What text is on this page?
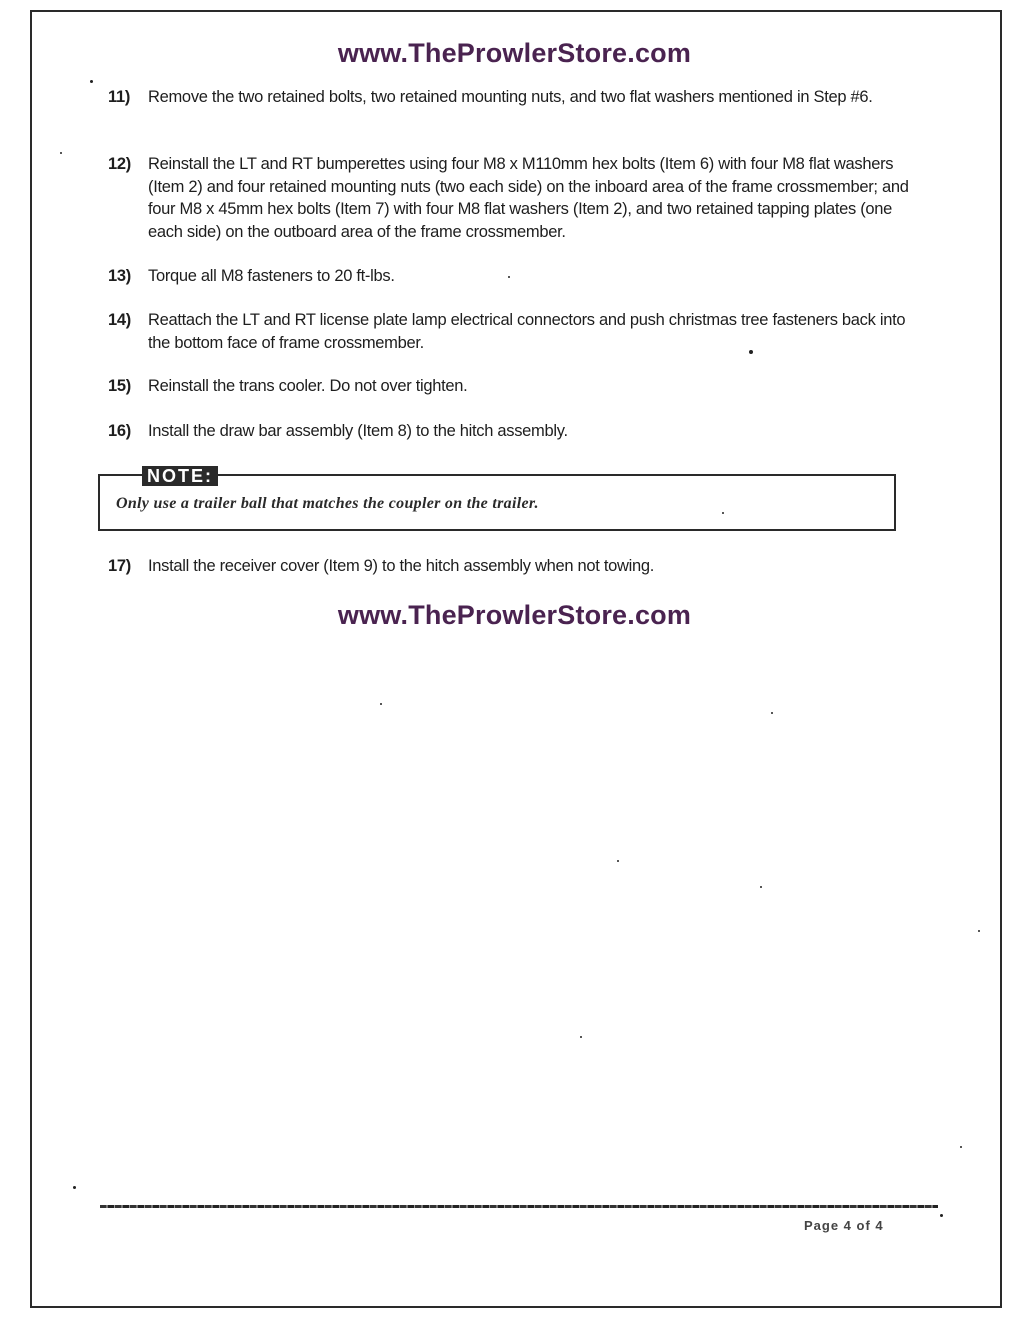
www.TheProwlerStore.com
11)	Remove the two retained bolts, two retained mounting nuts, and two flat washers mentioned in Step #6.
12)	Reinstall the LT and RT bumperettes using four M8 x M110mm hex bolts (Item 6) with four M8 flat washers (Item 2) and four retained mounting nuts (two each side) on the inboard area of the frame crossmember; and four M8 x 45mm hex bolts (Item 7) with four M8 flat washers (Item 2), and two retained tapping plates (one each side) on the outboard area of the frame crossmember.
13)	Torque all M8 fasteners to 20 ft-lbs.
14)	Reattach the LT and RT license plate lamp electrical connectors and push christmas tree fasteners back into the bottom face of frame crossmember.
15)	Reinstall the trans cooler. Do not over tighten.
16)	Install the draw bar assembly (Item 8) to the hitch assembly.
NOTE:
Only use a trailer ball that matches the coupler on the trailer.
17)	Install the receiver cover (Item 9) to the hitch assembly when not towing.
www.TheProwlerStore.com
Page 4 of 4
